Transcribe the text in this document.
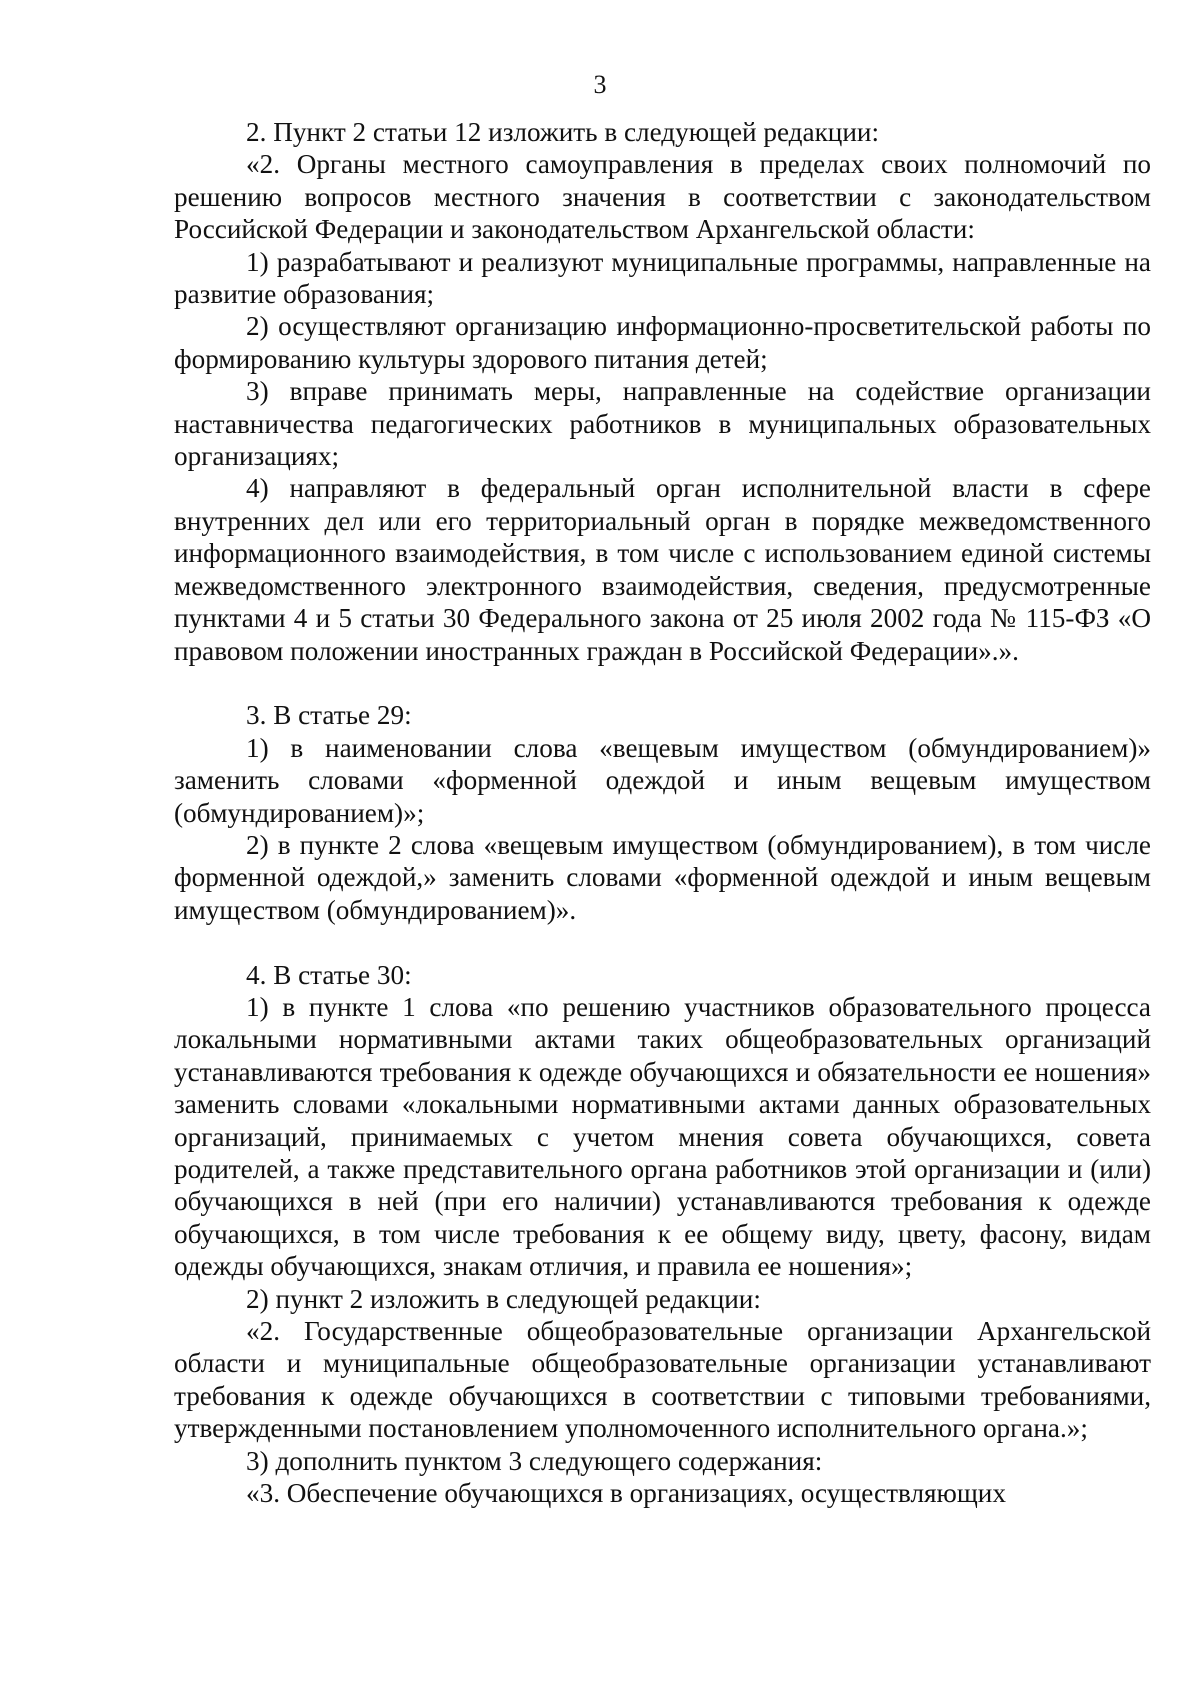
3

2. Пункт 2 статьи 12 изложить в следующей редакции:

«2. Органы местного самоуправления в пределах своих полномочий по решению вопросов местного значения в соответствии с законодательством Российской Федерации и законодательством Архангельской области:

1) разрабатывают и реализуют муниципальные программы, направленные на развитие образования;

2) осуществляют организацию информационно-просветительской работы по формированию культуры здорового питания детей;

3) вправе принимать меры, направленные на содействие организации наставничества педагогических работников в муниципальных образовательных организациях;

4) направляют в федеральный орган исполнительной власти в сфере внутренних дел или его территориальный орган в порядке межведомственного информационного взаимодействия, в том числе с использованием единой системы межведомственного электронного взаимодействия, сведения, предусмотренные пунктами 4 и 5 статьи 30 Федерального закона от 25 июля 2002 года № 115-ФЗ «О правовом положении иностранных граждан в Российской Федерации».».

3. В статье 29:

1) в наименовании слова «вещевым имуществом (обмундированием)» заменить словами «форменной одеждой и иным вещевым имуществом (обмундированием)»;

2) в пункте 2 слова «вещевым имуществом (обмундированием), в том числе форменной одеждой,» заменить словами «форменной одеждой и иным вещевым имуществом (обмундированием)».

4. В статье 30:

1) в пункте 1 слова «по решению участников образовательного процесса локальными нормативными актами таких общеобразовательных организаций устанавливаются требования к одежде обучающихся и обязательности ее ношения» заменить словами «локальными нормативными актами данных образовательных организаций, принимаемых с учетом мнения совета обучающихся, совета родителей, а также представительного органа работников этой организации и (или) обучающихся в ней (при его наличии) устанавливаются требования к одежде обучающихся, в том числе требования к ее общему виду, цвету, фасону, видам одежды обучающихся, знакам отличия, и правила ее ношения»;

2) пункт 2 изложить в следующей редакции:

«2. Государственные общеобразовательные организации Архангельской области и муниципальные общеобразовательные организации устанавливают требования к одежде обучающихся в соответствии с типовыми требованиями, утвержденными постановлением уполномоченного исполнительного органа.»;

3) дополнить пунктом 3 следующего содержания:

«3. Обеспечение обучающихся в организациях, осуществляющих
